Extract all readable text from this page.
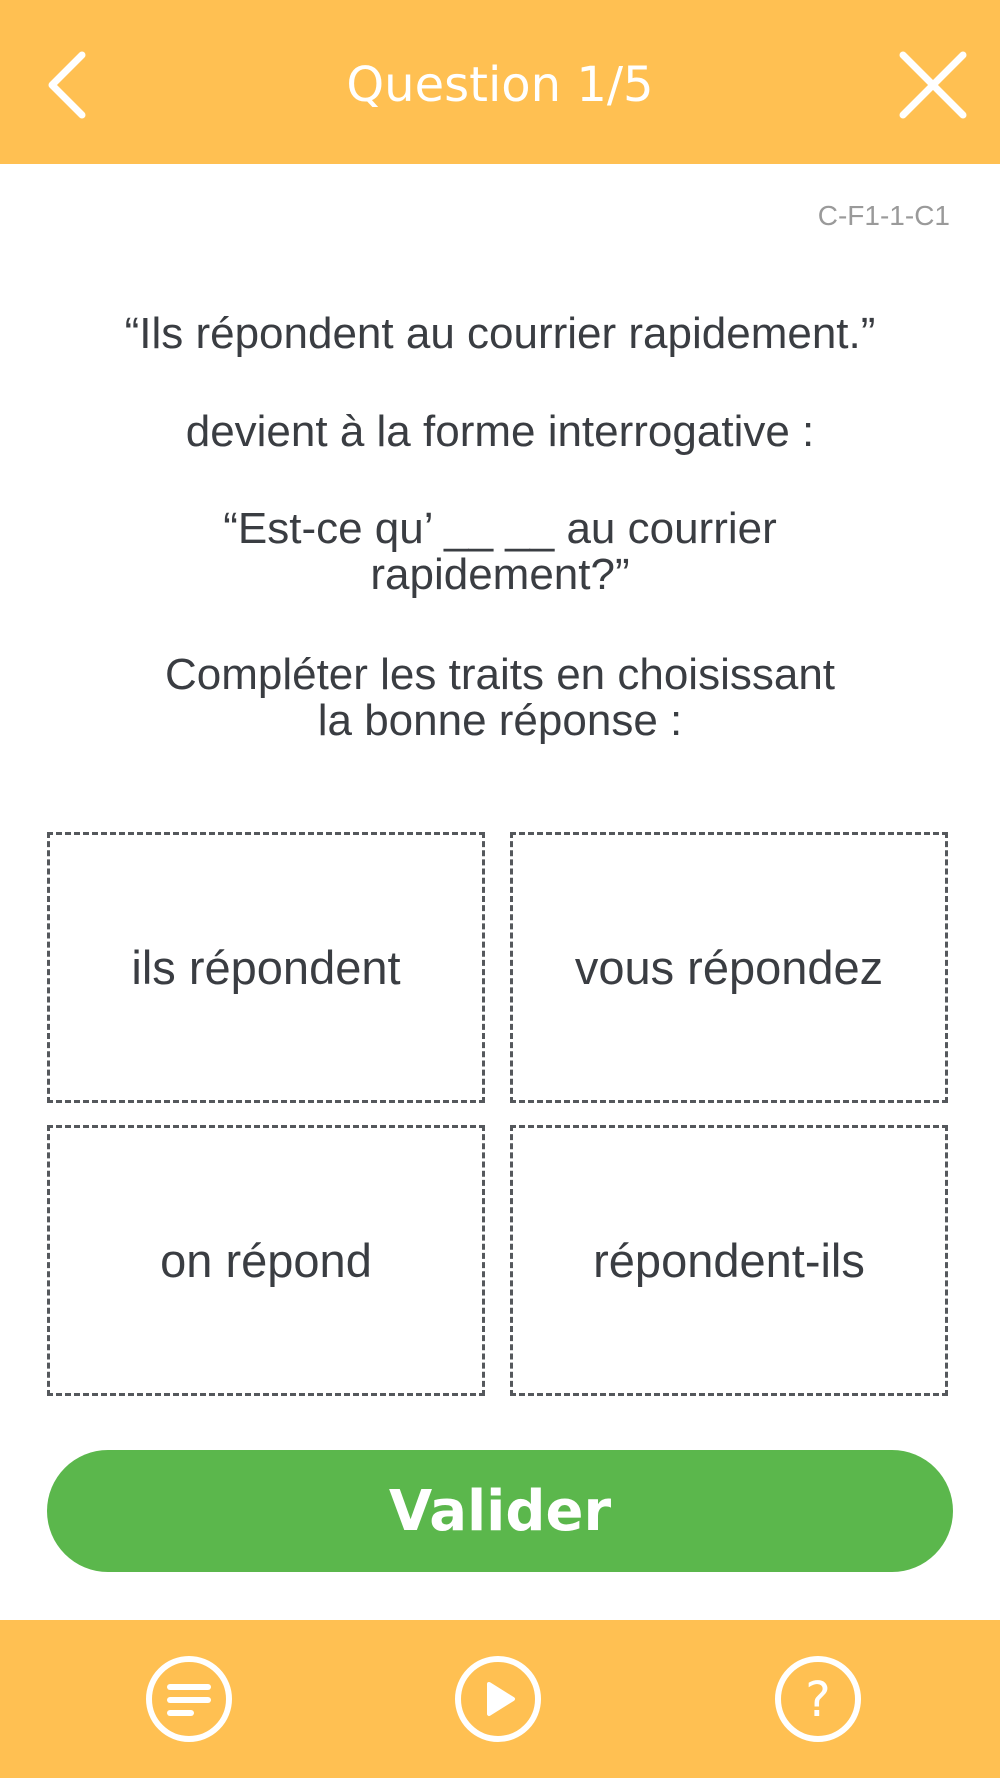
Question 1/5
C-F1-1-C1
“Ils répondent au courrier rapidement.”
devient à la forme interrogative :
“Est-ce qu’ __ __ au courrier
rapidement?”
Compléter les traits en choisissant
la bonne réponse :
ils répondent	vous répondez
on répond	répondent-ils
Valider
?
